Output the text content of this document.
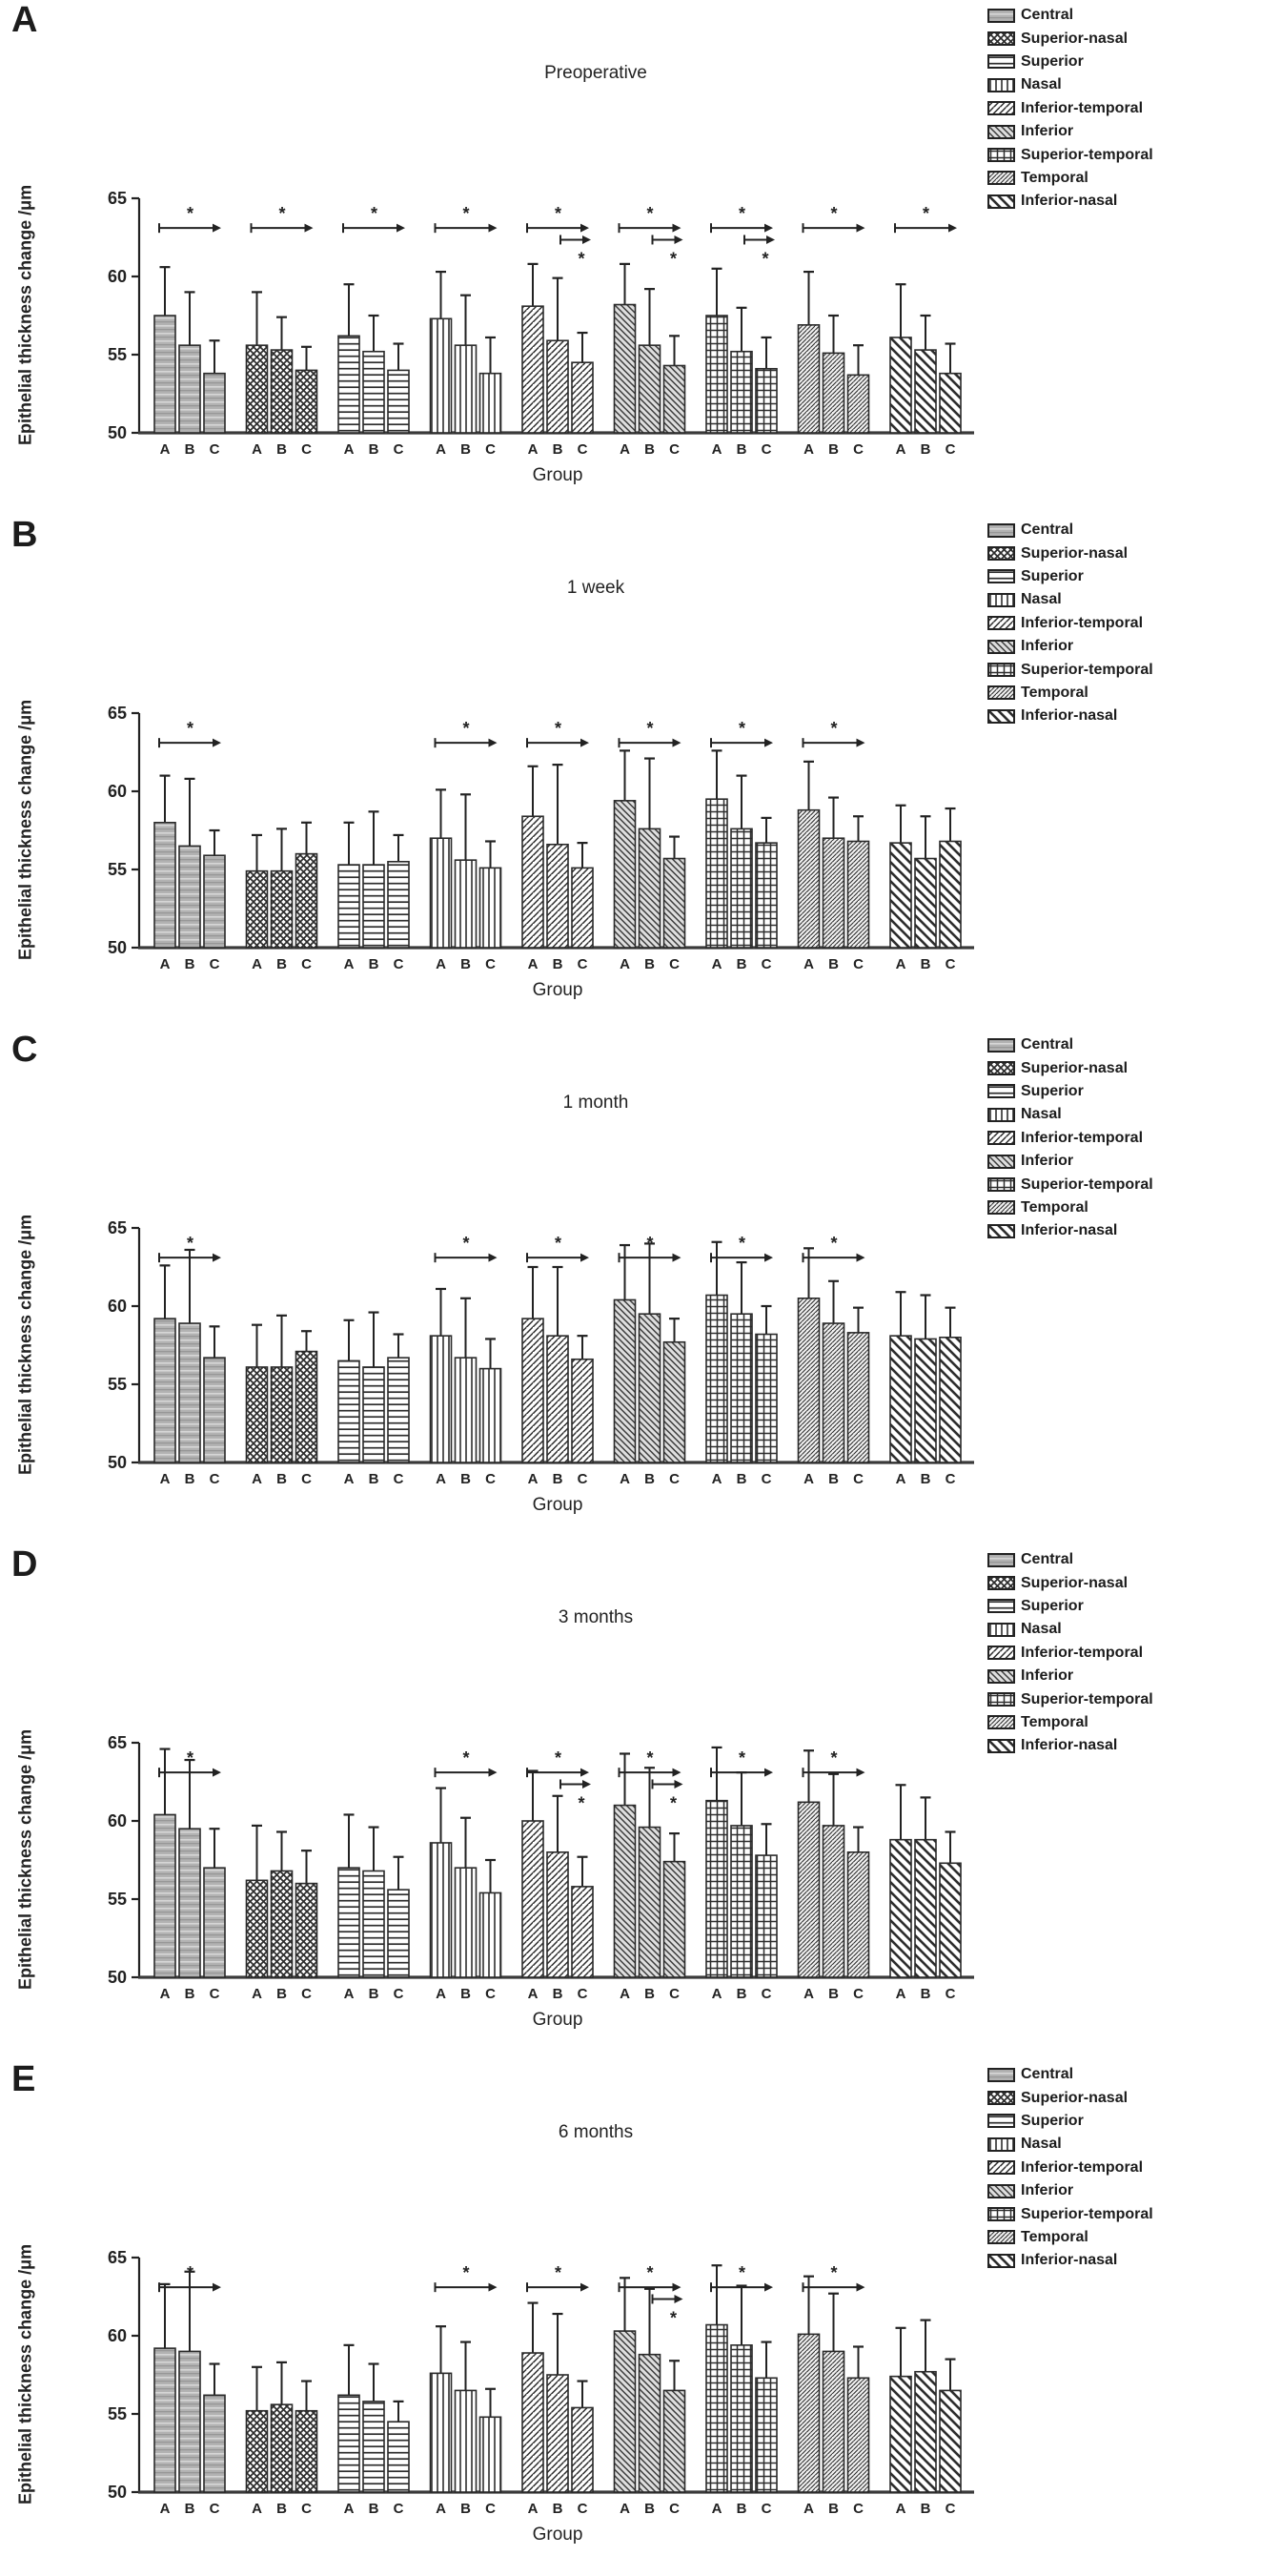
A
Preoperative
Epithelial thickness change /μm	50
55
60
65
A B C A B C A B C A B C A B C A B C A B C A B C A B C
*	*	*	*	*	*	*	*	*
*	*	*
Group
Central
Superior-nasal
Superior
Nasal
Inferior-temporal
Inferior
Superior-temporal
Temporal
Inferior-nasal
B
1 week
Epithelial thickness change /μm	50
55
60
65
A B C A B C A B C A B C A B C A B C A B C A B C A B C
*	*	*	*	*	*
Group
Central
Superior-nasal
Superior
Nasal
Inferior-temporal
Inferior
Superior-temporal
Temporal
Inferior-nasal
C
1 month
Epithelial thickness change /μm	50
55
60
65
A B C A B C A B C A B C A B C A B C A B C A B C A B C
*	*	*	*	*	*
Group
Central
Superior-nasal
Superior
Nasal
Inferior-temporal
Inferior
Superior-temporal
Temporal
Inferior-nasal
D
3 months
Epithelial thickness change /μm	50
55
60
65
A B C A B C A B C A B C A B C A B C A B C A B C A B C
*	*	*	*	*	*
*	*
Group
Central
Superior-nasal
Superior
Nasal
Inferior-temporal
Inferior
Superior-temporal
Temporal
Inferior-nasal
E
6 months
Epithelial thickness change /μm	50
55
60
65
A B C A B C A B C A B C A B C A B C A B C A B C A B C
*	*	*	*	*	*
*
Group
Central
Superior-nasal
Superior
Nasal
Inferior-temporal
Inferior
Superior-temporal
Temporal
Inferior-nasal
